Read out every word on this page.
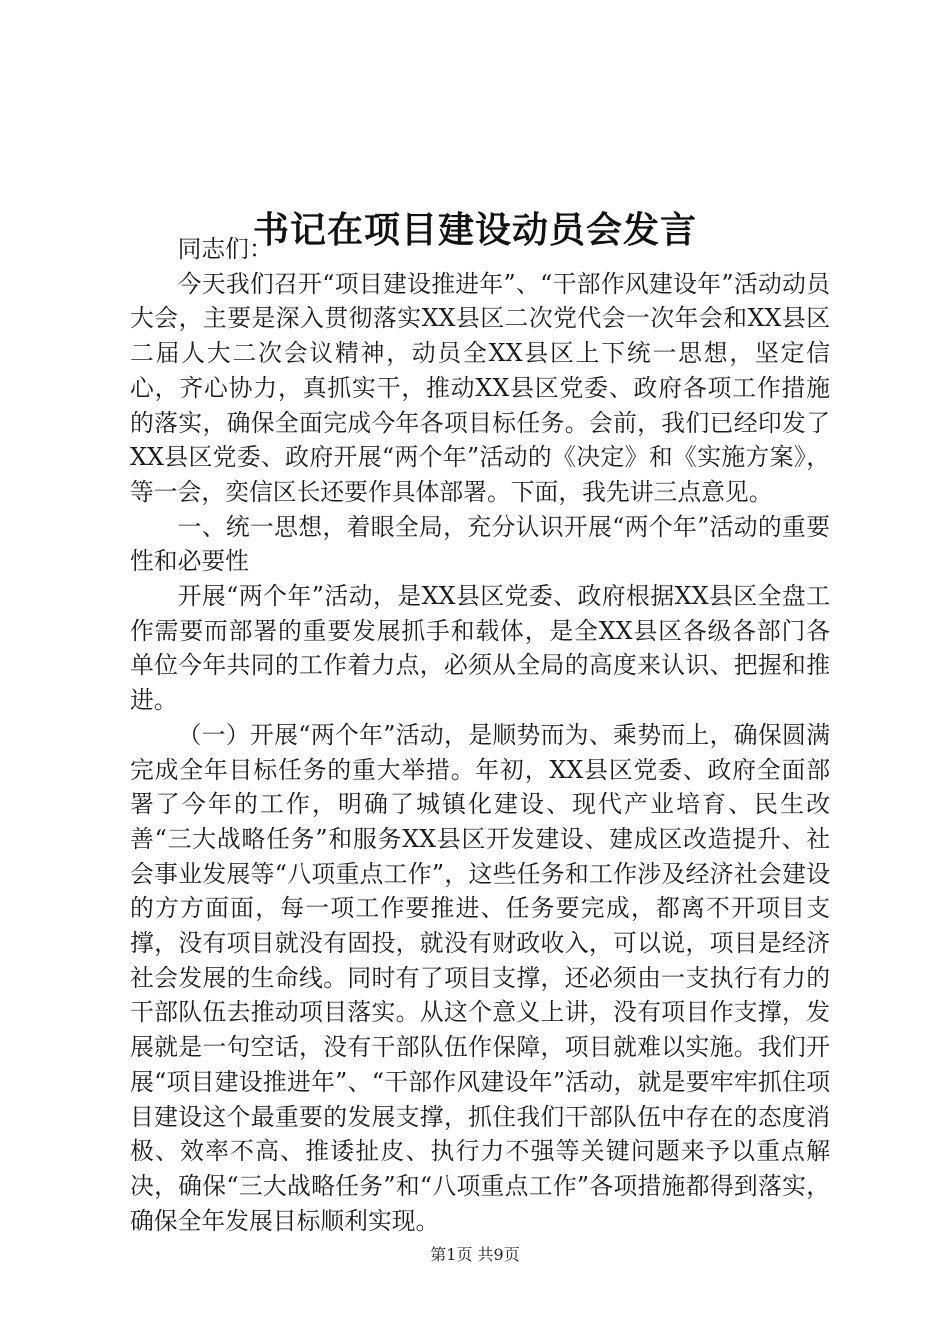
书记在项目建设动员会发言

同志们：

今天我们召开“项目建设推进年”、“干部作风建设年”活动动员大会，主要是深入贯彻落实XX县区二次党代会一次年会和XX县区二届人大二次会议精神，动员全XX县区上下统一思想，坚定信心，齐心协力，真抓实干，推动XX县区党委、政府各项工作措施的落实，确保全面完成今年各项目标任务。会前，我们已经印发了XX县区党委、政府开展“两个年”活动的《决定》和《实施方案》，等一会，奕信区长还要作具体部署。下面，我先讲三点意见。

一、统一思想，着眼全局，充分认识开展“两个年”活动的重要性和必要性

开展“两个年”活动，是XX县区党委、政府根据XX县区全盘工作需要而部署的重要发展抓手和载体，是全XX县区各级各部门各单位今年共同的工作着力点，必须从全局的高度来认识、把握和推进。

（一）开展“两个年”活动，是顺势而为、乘势而上，确保圆满完成全年目标任务的重大举措。年初，XX县区党委、政府全面部署了今年的工作，明确了城镇化建设、现代产业培育、民生改善“三大战略任务”和服务XX县区开发建设、建成区改造提升、社会事业发展等“八项重点工作”，这些任务和工作涉及经济社会建设的方方面面，每一项工作要推进、任务要完成，都离不开项目支撑，没有项目就没有固投，就没有财政收入，可以说，项目是经济社会发展的生命线。同时有了项目支撑，还必须由一支执行有力的干部队伍去推动项目落实。从这个意义上讲，没有项目作支撑，发展就是一句空话，没有干部队伍作保障，项目就难以实施。我们开展“项目建设推进年”、“干部作风建设年”活动，就是要牢牢抓住项目建设这个最重要的发展支撑，抓住我们干部队伍中存在的态度消极、效率不高、推诿扯皮、执行力不强等关键问题来予以重点解决，确保“三大战略任务”和“八项重点工作”各项措施都得到落实，确保全年发展目标顺利实现。

第1页 共9页
